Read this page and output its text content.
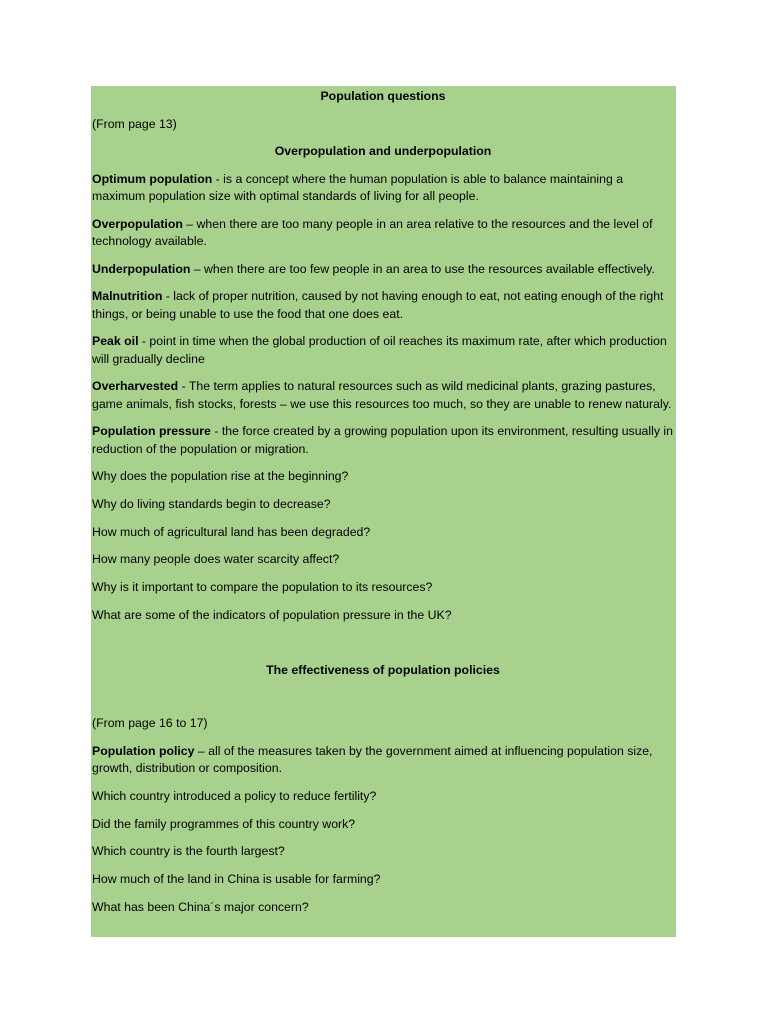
Population questions

(From page 13)

Overpopulation and underpopulation

Optimum population - is a concept where the human population is able to balance maintaining a maximum population size with optimal standards of living for all people.

Overpopulation – when there are too many people in an area relative to the resources and the level of technology available.

Underpopulation – when there are too few people in an area to use the resources available effectively.

Malnutrition - lack of proper nutrition, caused by not having enough to eat, not eating enough of the right things, or being unable to use the food that one does eat.

Peak oil - point in time when the global production of oil reaches its maximum rate, after which production will gradually decline

Overharvested - The term applies to natural resources such as wild medicinal plants, grazing pastures, game animals, fish stocks, forests – we use this resources too much, so they are unable to renew naturaly.

Population pressure - the force created by a growing population upon its environment, resulting usually in reduction of the population or migration.

Why does the population rise at the beginning?

Why do living standards begin to decrease?

How much of agricultural land has been degraded?

How many people does water scarcity affect?

Why is it important to compare the population to its resources?

What are some of the indicators of population pressure in the UK?

The effectiveness of population policies

(From page 16 to 17)

Population policy – all of the measures taken by the government aimed at influencing population size, growth, distribution or composition.

Which country introduced a policy to reduce fertility?

Did the family programmes of this country work?

Which country is the fourth largest?

How much of the land in China is usable for farming?

What has been China´s major concern?
